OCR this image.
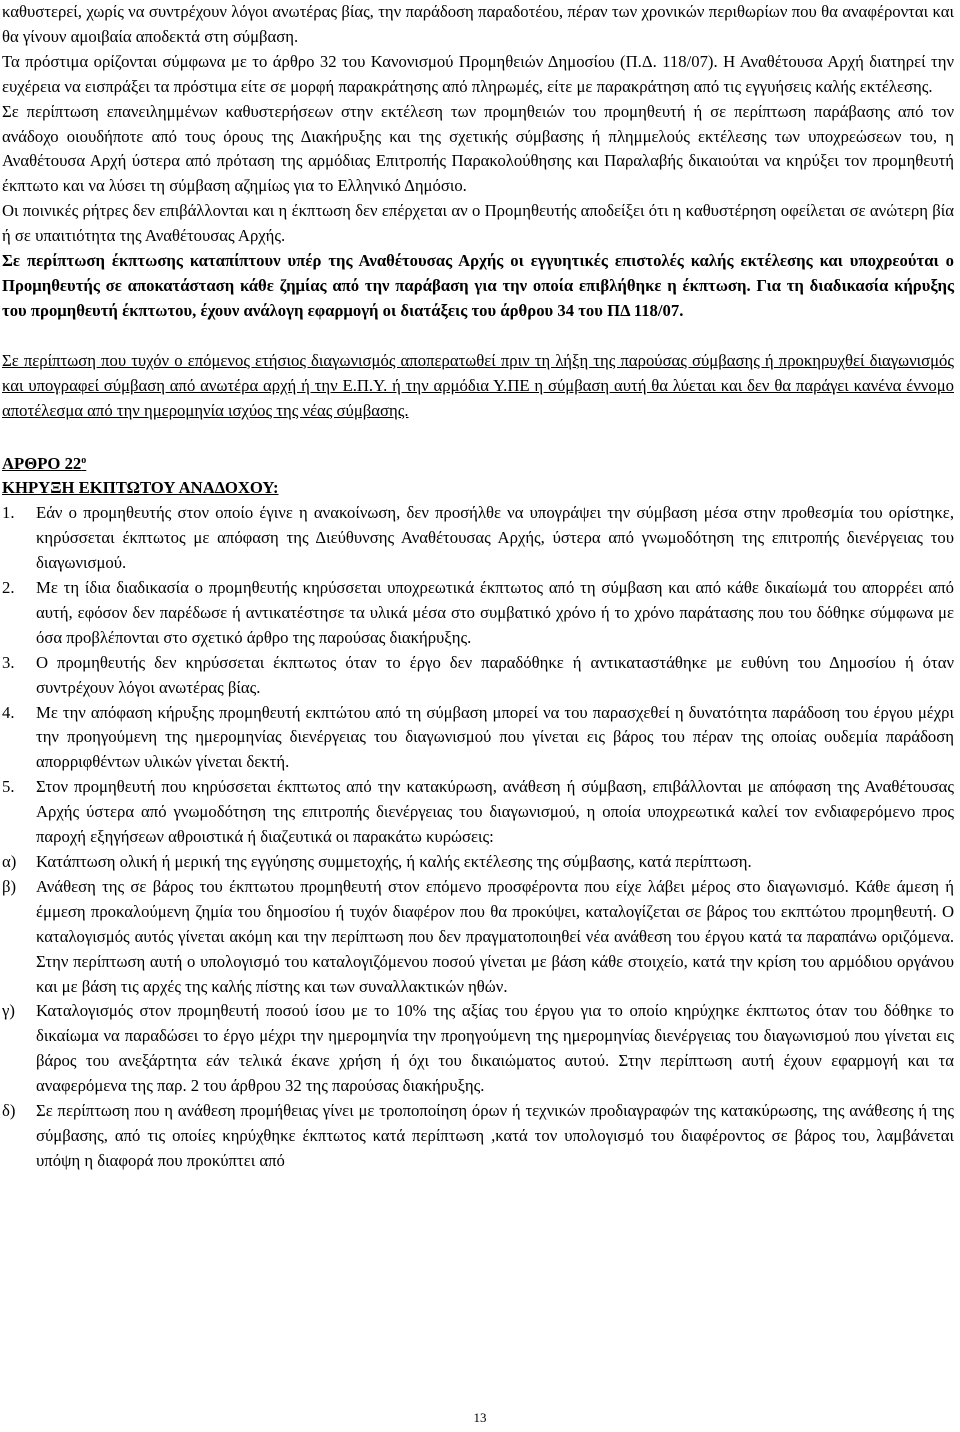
καθυστερεί, χωρίς να συντρέχουν λόγοι ανωτέρας βίας, την παράδοση παραδοτέου, πέραν των χρονικών περιθωρίων που θα αναφέρονται και θα γίνουν αμοιβαία αποδεκτά στη σύμβαση.

Τα πρόστιμα ορίζονται σύμφωνα με το άρθρο 32 του Κανονισμού Προμηθειών Δημοσίου (Π.Δ. 118/07). Η Αναθέτουσα Αρχή διατηρεί την ευχέρεια να εισπράξει τα πρόστιμα είτε σε μορφή παρακράτησης από πληρωμές, είτε με παρακράτηση από τις εγγυήσεις καλής εκτέλεσης.

Σε περίπτωση επανειλημμένων καθυστερήσεων στην εκτέλεση των προμηθειών του προμηθευτή ή σε περίπτωση παράβασης από τον ανάδοχο οιουδήποτε από τους όρους της Διακήρυξης και της σχετικής σύμβασης ή πλημμελούς εκτέλεσης των υποχρεώσεων του, η Αναθέτουσα Αρχή ύστερα από πρόταση της αρμόδιας Επιτροπής Παρακολούθησης και Παραλαβής δικαιούται να κηρύξει τον προμηθευτή έκπτωτο και να λύσει τη σύμβαση αζημίως για το Ελληνικό Δημόσιο.

Οι ποινικές ρήτρες δεν επιβάλλονται και η έκπτωση δεν επέρχεται αν ο Προμηθευτής αποδείξει ότι η καθυστέρηση οφείλεται σε ανώτερη βία ή σε υπαιτιότητα της Αναθέτουσας Αρχής.

Σε περίπτωση έκπτωσης καταπίπτουν υπέρ της Αναθέτουσας Αρχής οι εγγυητικές επιστολές καλής εκτέλεσης και υποχρεούται ο Προμηθευτής σε αποκατάσταση κάθε ζημίας από την παράβαση για την οποία επιβλήθηκε η έκπτωση. Για τη διαδικασία κήρυξης του προμηθευτή έκπτωτου, έχουν ανάλογη εφαρμογή οι διατάξεις του άρθρου 34 του ΠΔ 118/07.

Σε περίπτωση που τυχόν ο επόμενος ετήσιος διαγωνισμός αποπερατωθεί πριν τη λήξη της παρούσας σύμβασης ή προκηρυχθεί διαγωνισμός και υπογραφεί σύμβαση από ανωτέρα αρχή ή την Ε.Π.Υ. ή την αρμόδια Υ.ΠΕ η σύμβαση αυτή θα λύεται και δεν θα παράγει κανένα έννομο αποτέλεσμα από την ημερομηνία ισχύος της νέας σύμβασης.

ΑΡΘΡΟ $22^o$

ΚΗΡΥΞΗ ΕΚΠΤΩΤΟΥ ΑΝΑΔΟΧΟΥ:

1.	Εάν ο προμηθευτής στον οποίο έγινε η ανακοίνωση, δεν προσήλθε να υπογράψει την σύμβαση μέσα στην προθεσμία του ορίστηκε, κηρύσσεται έκπτωτος με απόφαση της Διεύθυνσης Αναθέτουσας Αρχής, ύστερα από γνωμοδότηση της επιτροπής διενέργειας του διαγωνισμού.
2.	Με τη ίδια διαδικασία ο προμηθευτής κηρύσσεται υποχρεωτικά έκπτωτος από τη σύμβαση και από κάθε δικαίωμά του απορρέει από αυτή, εφόσον δεν παρέδωσε ή αντικατέστησε τα υλικά μέσα στο συμβατικό χρόνο ή το χρόνο παράτασης που του δόθηκε σύμφωνα με όσα προβλέπονται στο σχετικό άρθρο της παρούσας διακήρυξης.
3.	Ο προμηθευτής δεν κηρύσσεται έκπτωτος όταν το έργο δεν παραδόθηκε ή αντικαταστάθηκε με ευθύνη του Δημοσίου ή όταν συντρέχουν λόγοι ανωτέρας βίας.
4.	Με την απόφαση κήρυξης προμηθευτή εκπτώτου από τη σύμβαση μπορεί να του παρασχεθεί η δυνατότητα παράδοση του έργου μέχρι την προηγούμενη της ημερομηνίας διενέργειας του διαγωνισμού που γίνεται εις βάρος του πέραν της οποίας ουδεμία παράδοση απορριφθέντων υλικών γίνεται δεκτή.
5.	Στον προμηθευτή που κηρύσσεται έκπτωτος από την κατακύρωση, ανάθεση ή σύμβαση, επιβάλλονται με απόφαση της Αναθέτουσας Αρχής ύστερα από γνωμοδότηση της επιτροπής διενέργειας του διαγωνισμού, η οποία υποχρεωτικά καλεί τον ενδιαφερόμενο προς παροχή εξηγήσεων αθροιστικά ή διαζευτικά οι παρακάτω κυρώσεις:
α)	Κατάπτωση ολική ή μερική της εγγύησης συμμετοχής, ή καλής εκτέλεσης της σύμβασης, κατά περίπτωση.
β)	Ανάθεση της σε βάρος του έκπτωτου προμηθευτή στον επόμενο προσφέροντα που είχε λάβει μέρος στο διαγωνισμό. Κάθε άμεση ή έμμεση προκαλούμενη ζημία του δημοσίου ή τυχόν διαφέρον που θα προκύψει, καταλογίζεται σε βάρος του εκπτώτου προμηθευτή. Ο καταλογισμός αυτός γίνεται ακόμη και την περίπτωση που δεν πραγματοποιηθεί νέα ανάθεση του έργου κατά τα παραπάνω οριζόμενα. Στην περίπτωση αυτή ο υπολογισμό του καταλογιζόμενου ποσού γίνεται με βάση κάθε στοιχείο, κατά την κρίση του αρμόδιου οργάνου και με βάση τις αρχές της καλής πίστης και των συναλλακτικών ηθών.
γ)	Καταλογισμός στον προμηθευτή ποσού ίσου με το 10% της αξίας του έργου για το οποίο κηρύχηκε έκπτωτος όταν του δόθηκε το δικαίωμα να παραδώσει το έργο μέχρι την ημερομηνία την προηγούμενη της ημερομηνίας διενέργειας του διαγωνισμού που γίνεται εις βάρος του ανεξάρτητα εάν τελικά έκανε χρήση ή όχι του δικαιώματος αυτού. Στην περίπτωση αυτή έχουν εφαρμογή και τα αναφερόμενα της παρ. 2 του άρθρου 32 της παρούσας διακήρυξης.
δ)	Σε περίπτωση που η ανάθεση προμήθειας γίνει με τροποποίηση όρων ή τεχνικών προδιαγραφών της κατακύρωσης, της ανάθεσης ή της σύμβασης, από τις οποίες κηρύχθηκε έκπτωτος κατά περίπτωση ,κατά τον υπολογισμό του διαφέροντος σε βάρος του, λαμβάνεται υπόψη η διαφορά που προκύπτει από
13
